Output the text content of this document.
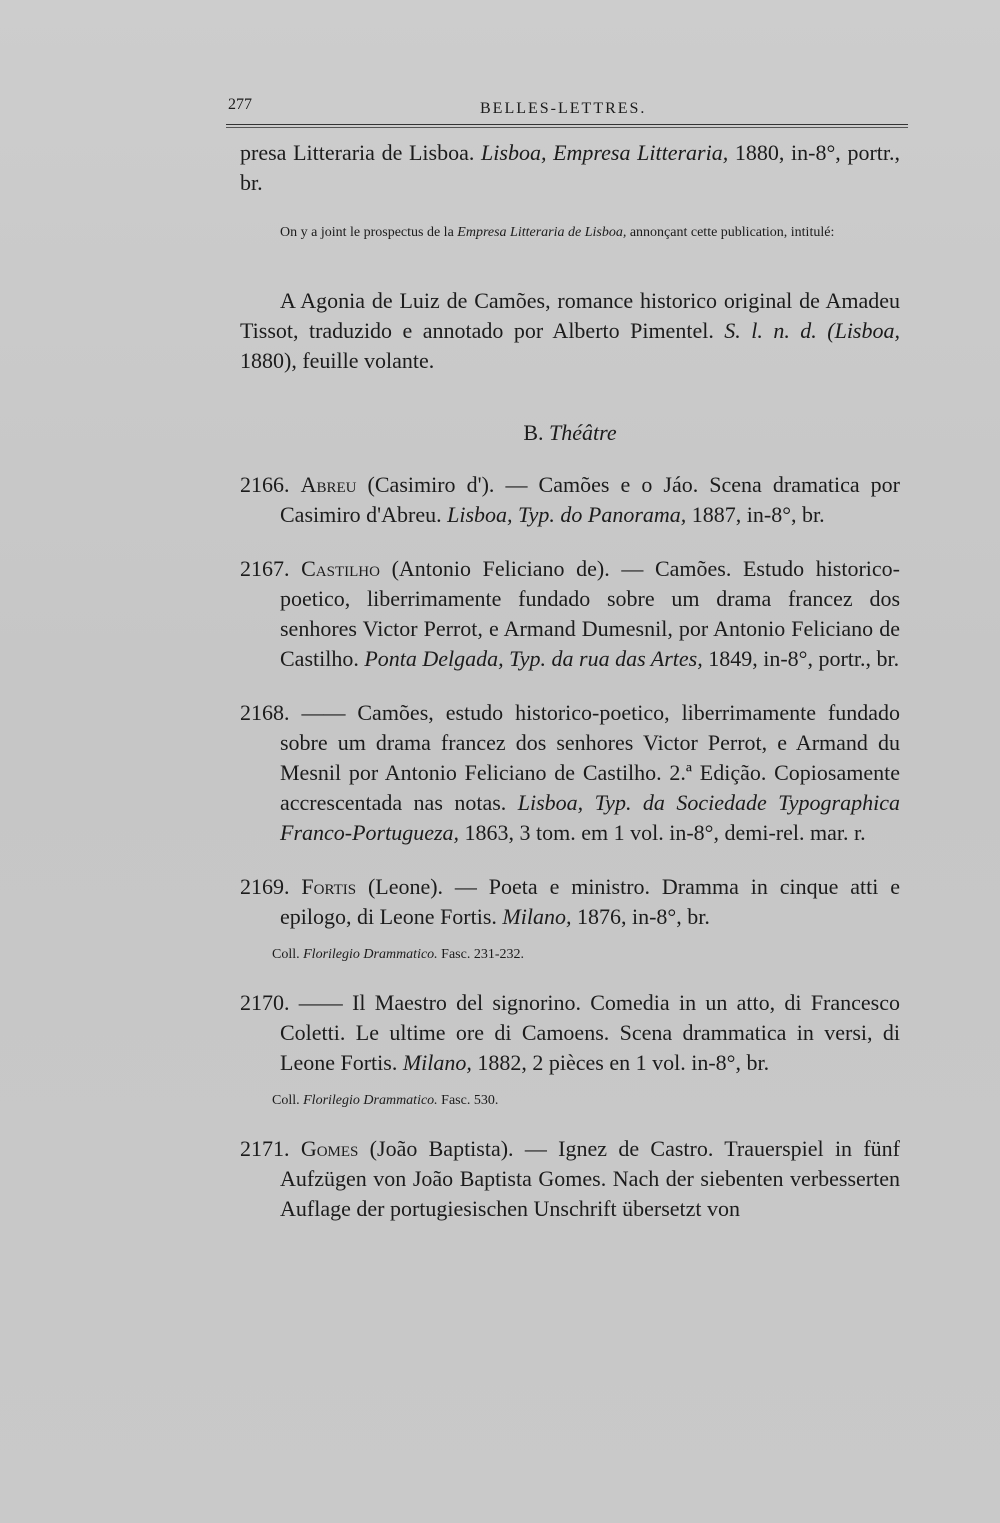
277	BELLES-LETTRES.

presa Litteraria de Lisboa. Lisboa, Empresa Litteraria, 1880, in-8°, portr., br.

On y a joint le prospectus de la Empresa Litteraria de Lisboa, annonçant cette publication, intitulé:

A Agonia de Luiz de Camões, romance historico original de Amadeu Tissot, traduzido e annotado por Alberto Pimentel. S. l. n. d. (Lisboa, 1880), feuille volante.

B. Théâtre

2166. Abreu (Casimiro d'). — Camões e o Jáo. Scena dramatica por Casimiro d'Abreu. Lisboa, Typ. do Panorama, 1887, in-8°, br.

2167. Castilho (Antonio Feliciano de). — Camões. Estudo historico-poetico, liberrimamente fundado sobre um drama francez dos senhores Victor Perrot, e Armand Dumesnil, por Antonio Feliciano de Castilho. Ponta Delgada, Typ. da rua das Artes, 1849, in-8°, portr., br.

2168. —— Camões, estudo historico-poetico, liberrimamente fundado sobre um drama francez dos senhores Victor Perrot, e Armand du Mesnil por Antonio Feliciano de Castilho. 2.ª Edição. Copiosamente accrescentada nas notas. Lisboa, Typ. da Sociedade Typographica Franco-Portugueza, 1863, 3 tom. em 1 vol. in-8°, demi-rel. mar. r.

2169. Fortis (Leone). — Poeta e ministro. Dramma in cinque atti e epilogo, di Leone Fortis. Milano, 1876, in-8°, br.

Coll. Florilegio Drammatico. Fasc. 231-232.

2170. —— Il Maestro del signorino. Comedia in un atto, di Francesco Coletti. Le ultime ore di Camoens. Scena drammatica in versi, di Leone Fortis. Milano, 1882, 2 pièces en 1 vol. in-8°, br.

Coll. Florilegio Drammatico. Fasc. 530.

2171. Gomes (João Baptista). — Ignez de Castro. Trauerspiel in fünf Aufzügen von João Baptista Gomes. Nach der siebenten verbesserten Auflage der portugiesischen Unschrift übersetzt von
